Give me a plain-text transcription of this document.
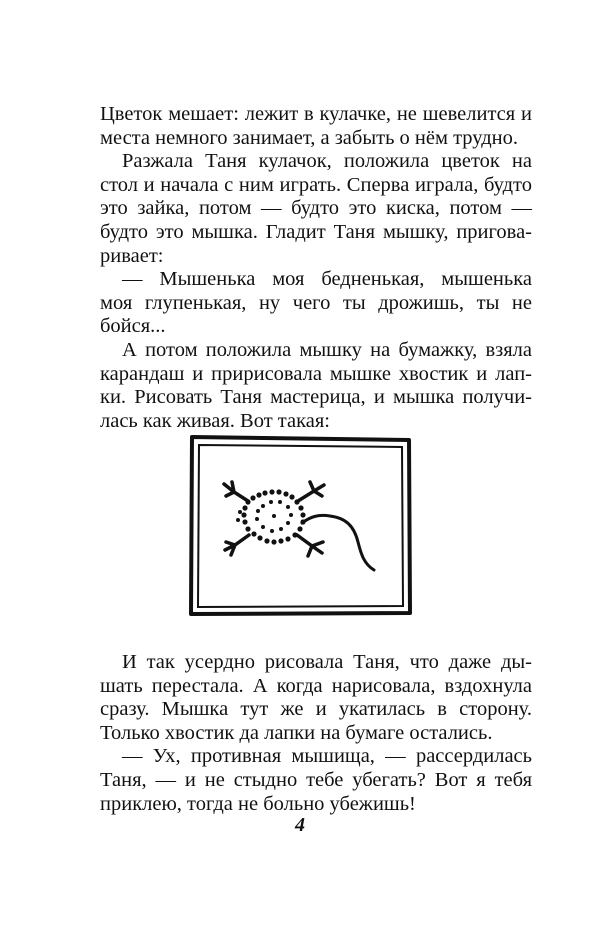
Цветок мешает: лежит в кулачке, не шевелится и
места немного занимает, а забыть о нём трудно.
Разжала Таня кулачок, положила цветок на
стол и начала с ним играть. Сперва играла, будто
это зайка, потом — будто это киска, потом —
будто это мышка. Гладит Таня мышку, пригова-
ривает:
— Мышенька моя бедненькая, мышенька
моя глупенькая, ну чего ты дрожишь, ты не
бойся...
А потом положила мышку на бумажку, взяла
карандаш и пририсовала мышке хвостик и лап-
ки. Рисовать Таня мастерица, и мышка получи-
лась как живая. Вот такая:
И так усердно рисовала Таня, что даже ды-
шать перестала. А когда нарисовала, вздохнула
сразу. Мышка тут же и укатилась в сторону.
Только хвостик да лапки на бумаге остались.
— Ух, противная мышища, — рассердилась
Таня, — и не стыдно тебе убегать? Вот я тебя
приклею, тогда не больно убежишь!
4
